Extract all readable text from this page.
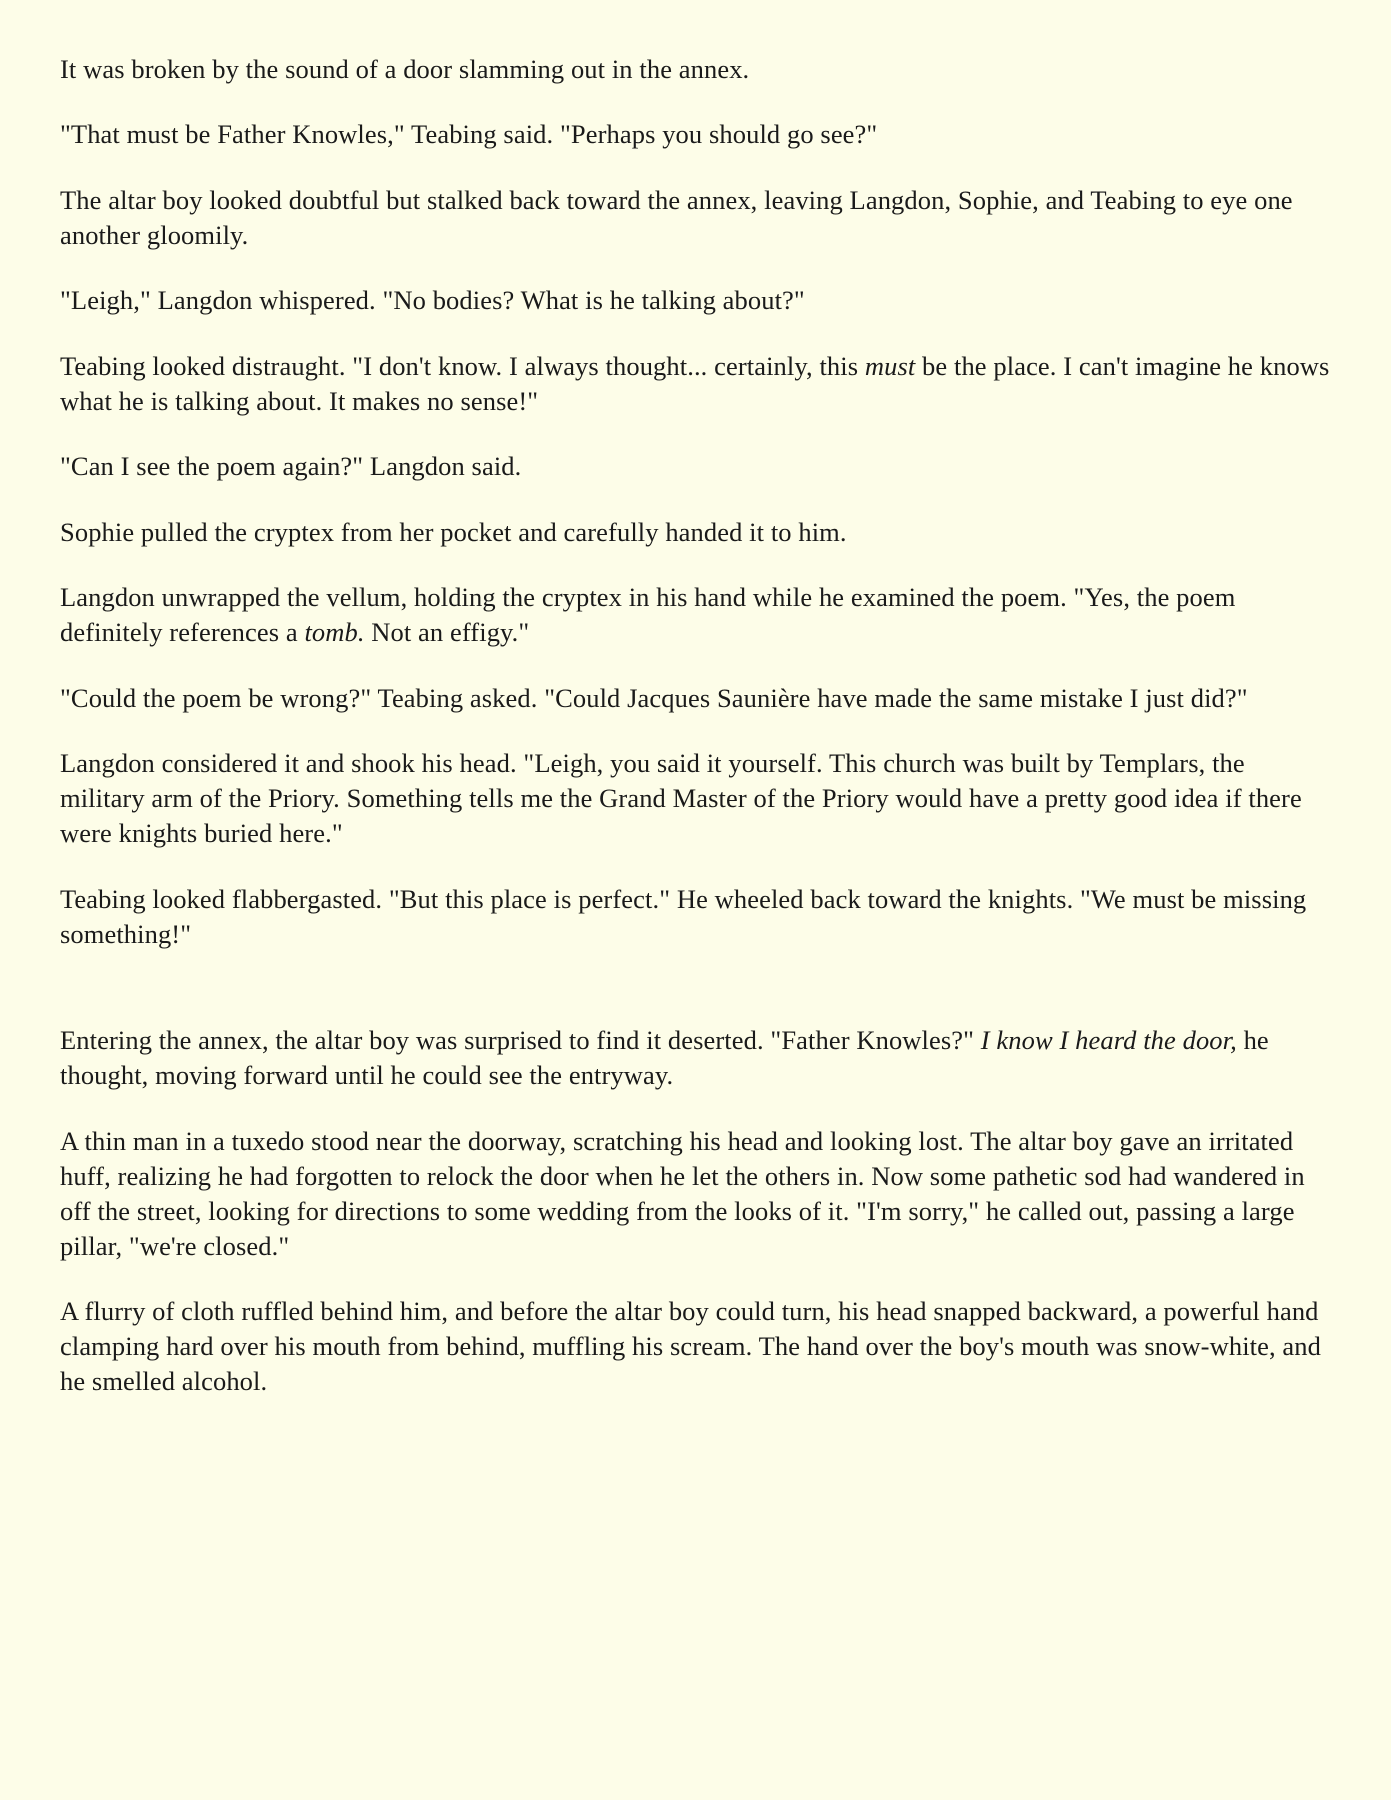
It was broken by the sound of a door slamming out in the annex.

"That must be Father Knowles," Teabing said. "Perhaps you should go see?"

The altar boy looked doubtful but stalked back toward the annex, leaving Langdon, Sophie, and Teabing to eye one another gloomily.

"Leigh," Langdon whispered. "No bodies? What is he talking about?"

Teabing looked distraught. "I don't know. I always thought... certainly, this must be the place. I can't imagine he knows what he is talking about. It makes no sense!"

"Can I see the poem again?" Langdon said.

Sophie pulled the cryptex from her pocket and carefully handed it to him.

Langdon unwrapped the vellum, holding the cryptex in his hand while he examined the poem. "Yes, the poem definitely references a tomb. Not an effigy."

"Could the poem be wrong?" Teabing asked. "Could Jacques Saunière have made the same mistake I just did?"

Langdon considered it and shook his head. "Leigh, you said it yourself. This church was built by Templars, the military arm of the Priory. Something tells me the Grand Master of the Priory would have a pretty good idea if there were knights buried here."

Teabing looked flabbergasted. "But this place is perfect." He wheeled back toward the knights. "We must be missing something!"

Entering the annex, the altar boy was surprised to find it deserted. "Father Knowles?" I know I heard the door, he thought, moving forward until he could see the entryway.

A thin man in a tuxedo stood near the doorway, scratching his head and looking lost. The altar boy gave an irritated huff, realizing he had forgotten to relock the door when he let the others in. Now some pathetic sod had wandered in off the street, looking for directions to some wedding from the looks of it. "I'm sorry," he called out, passing a large pillar, "we're closed."

A flurry of cloth ruffled behind him, and before the altar boy could turn, his head snapped backward, a powerful hand clamping hard over his mouth from behind, muffling his scream. The hand over the boy's mouth was snow-white, and he smelled alcohol.
